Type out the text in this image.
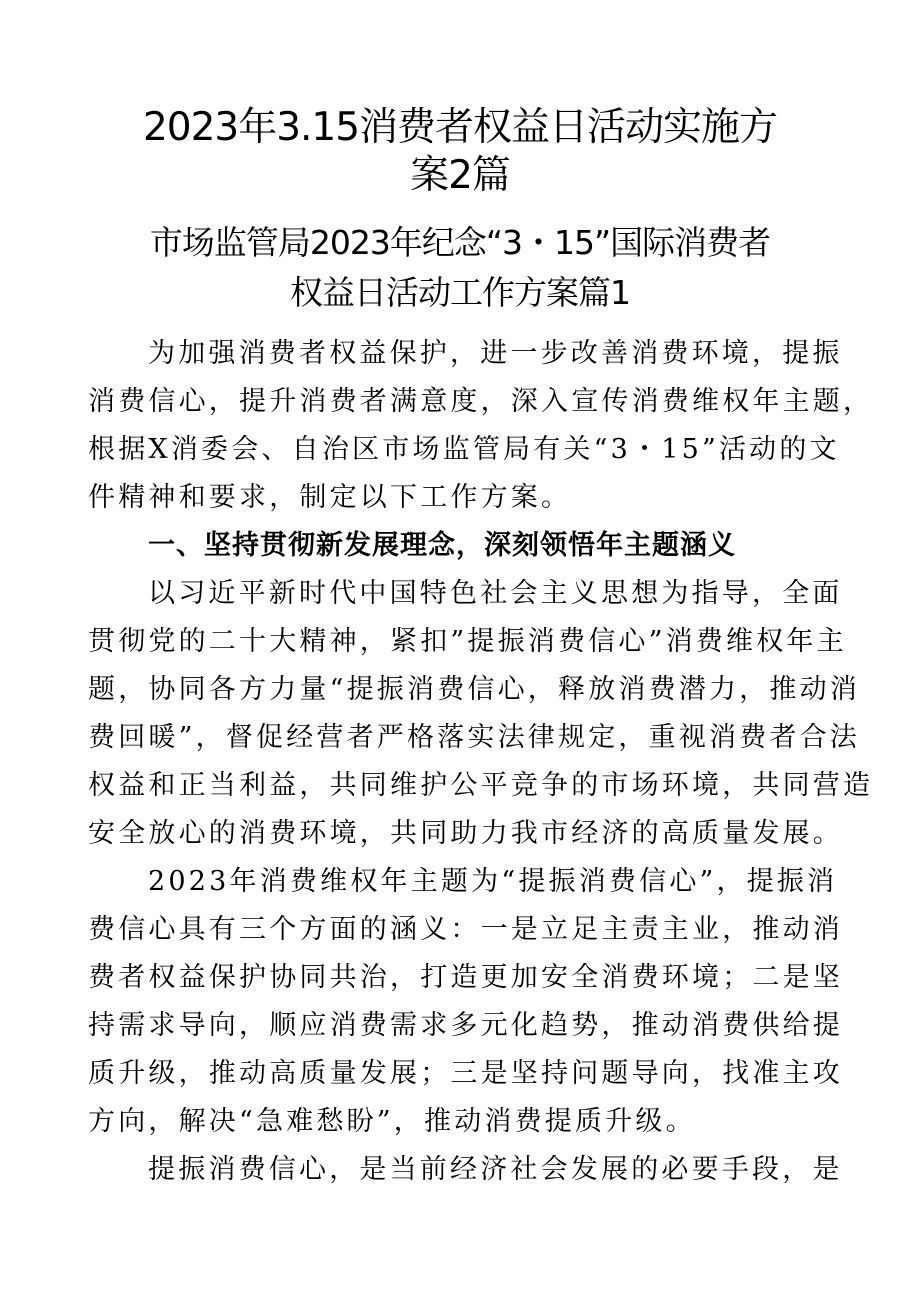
2023年3.15消费者权益日活动实施方
案2篇
市场监管局2023年纪念“3・15”国际消费者
权益日活动工作方案篇1
为加强消费者权益保护，进一步改善消费环境，提振
消费信心，提升消费者满意度，深入宣传消费维权年主题，
根据X消委会、自治区市场监管局有关“3・15”活动的文
件精神和要求，制定以下工作方案。
一、坚持贯彻新发展理念，深刻领悟年主题涵义
以习近平新时代中国特色社会主义思想为指导，全面
贯彻党的二十大精神，紧扣”提振消费信心”消费维权年主
题，协同各方力量“提振消费信心，释放消费潜力，推动消
费回暖”，督促经营者严格落实法律规定，重视消费者合法
权益和正当利益，共同维护公平竞争的市场环境，共同营造
安全放心的消费环境，共同助力我市经济的高质量发展。
2023年消费维权年主题为“提振消费信心”，提振消
费信心具有三个方面的涵义：一是立足主责主业，推动消
费者权益保护协同共治，打造更加安全消费环境；二是坚
持需求导向，顺应消费需求多元化趋势，推动消费供给提
质升级，推动高质量发展；三是坚持问题导向，找准主攻
方向，解决“急难愁盼”，推动消费提质升级。
提振消费信心，是当前经济社会发展的必要手段，是
